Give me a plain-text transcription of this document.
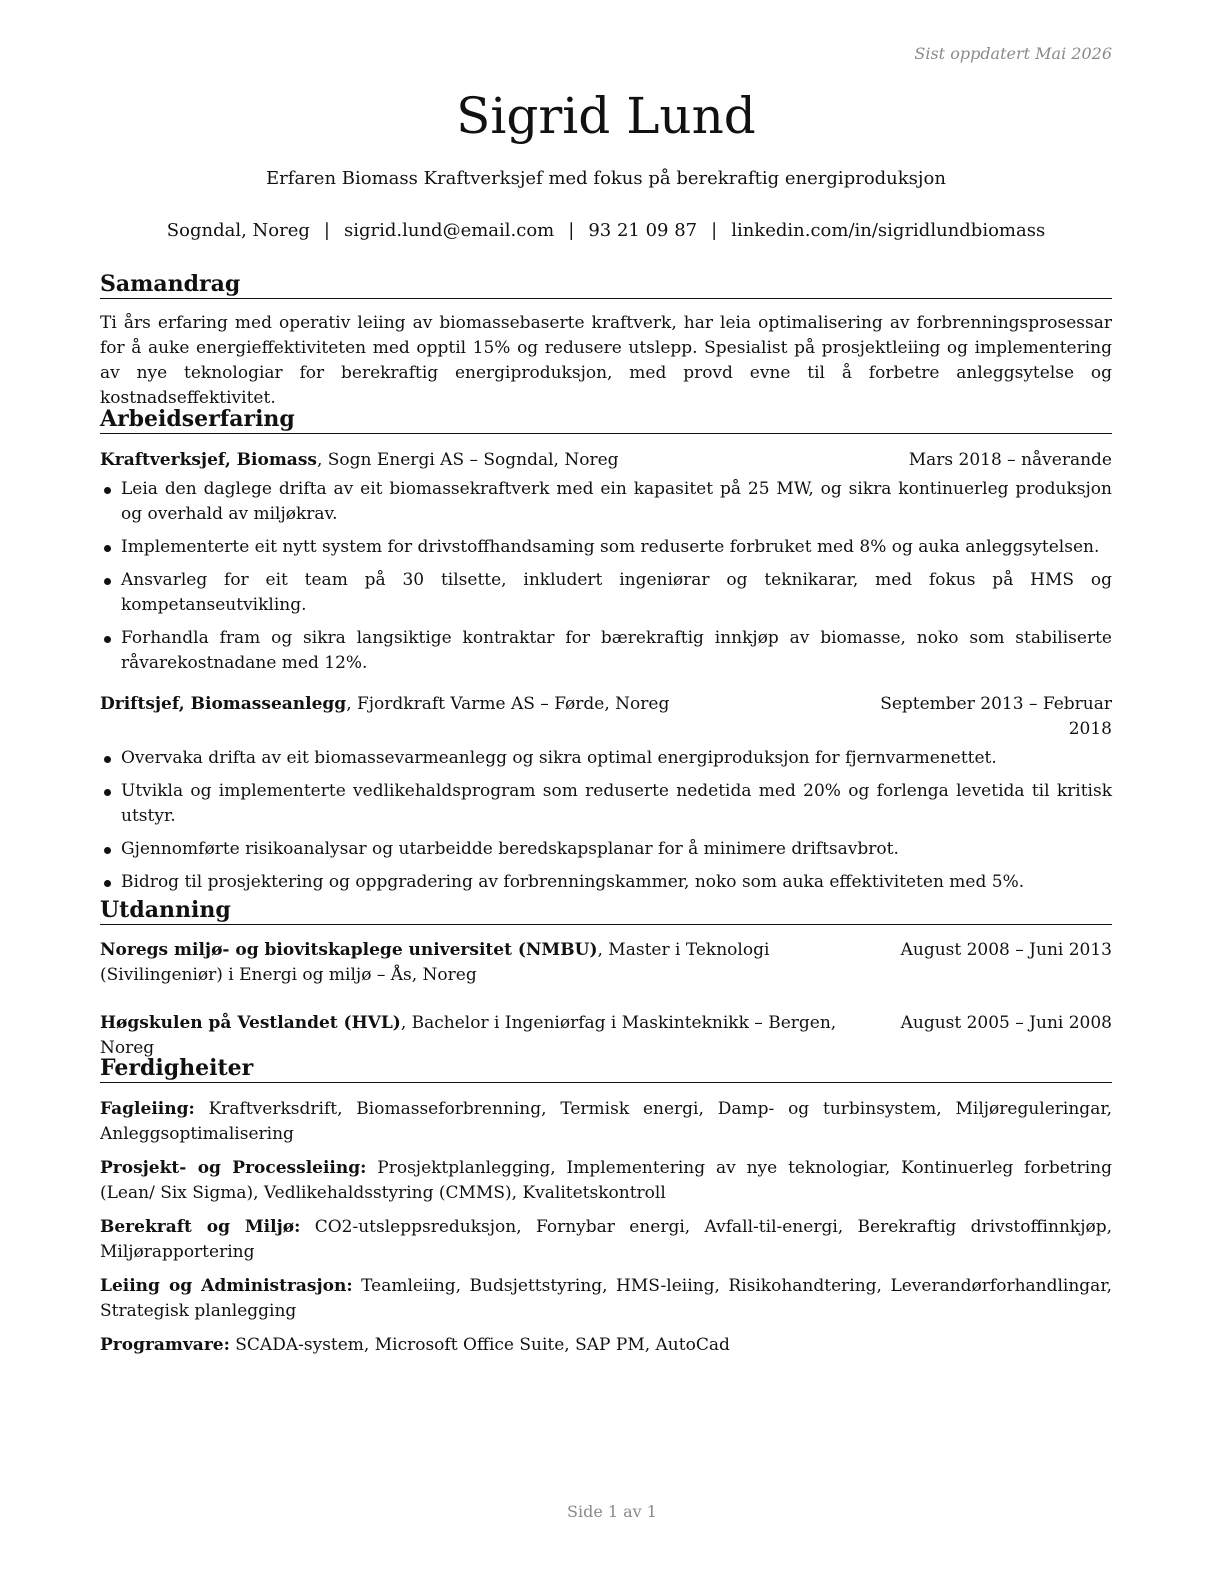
Sist oppdatert Mai 2026
Sigrid Lund
Erfaren Biomass Kraftverksjef med fokus på berekraftig energiproduksjon
Sogndal, Noreg | sigrid.lund@email.com | 93 21 09 87 | linkedin.com/in/sigridlundbiomass
Samandrag
Ti års erfaring med operativ leiing av biomassebaserte kraftverk, har leia optimalisering av forbrenningsprosessar for å auke energieffektiviteten med opptil 15% og redusere utslepp. Spesialist på prosjektleiing og implementering av nye teknologiar for berekraftig energiproduksjon, med provd evne til å forbetre anleggsytelse og kostnadseffektivitet.
Arbeidserfaring
Kraftverksjef, Biomass, Sogn Energi AS – Sogndal, Noreg	Mars 2018 – nåverande
Leia den daglege drifta av eit biomassekraftverk med ein kapasitet på 25 MW, og sikra kontinuerleg produksjon og overhald av miljøkrav.
Implementerte eit nytt system for drivstoffhandsaming som reduserte forbruket med 8% og auka anleggsytelsen.
Ansvarleg for eit team på 30 tilsette, inkludert ingeniørar og teknikarar, med fokus på HMS og kompetanseutvikling.
Forhandla fram og sikra langsiktige kontraktar for bærekraftig innkjøp av biomasse, noko som stabiliserte råvarekostnadane med 12%.
Driftsjef, Biomasseanlegg, Fjordkraft Varme AS – Førde, Noreg	September 2013 – Februar 2018
Overvaka drifta av eit biomassevarmeanlegg og sikra optimal energiproduksjon for fjernvarmenettet.
Utvikla og implementerte vedlikehaldsprogram som reduserte nedetida med 20% og forlenga levetida til kritisk utstyr.
Gjennomførte risikoanalysar og utarbeidde beredskapsplanar for å minimere driftsavbrot.
Bidrog til prosjektering og oppgradering av forbrenningskammer, noko som auka effektiviteten med 5%.
Utdanning
Noregs miljø- og biovitskaplege universitet (NMBU), Master i Teknologi (Sivilingeniør) i Energi og miljø – Ås, Noreg
August 2008 – Juni 2013
Høgskulen på Vestlandet (HVL), Bachelor i Ingeniørfag i Maskinteknikk – Bergen, Noreg
August 2005 – Juni 2008
Ferdigheiter
Fagleiing: Kraftverksdrift, Biomasseforbrenning, Termisk energi, Damp- og turbinsystem, Miljøreguleringar, Anleggsoptimalisering
Prosjekt- og Processleiing: Prosjektplanlegging, Implementering av nye teknologiar, Kontinuerleg forbetring (Lean/ Six Sigma), Vedlikehaldsstyring (CMMS), Kvalitetskontroll
Berekraft og Miljø: CO2-utsleppsreduksjon, Fornybar energi, Avfall-til-energi, Berekraftig drivstoffinnkjøp, Miljørapportering
Leiing og Administrasjon: Teamleiing, Budsjettstyring, HMS-leiing, Risikohandtering, Leverandørforhandlingar, Strategisk planlegging
Programvare: SCADA-system, Microsoft Office Suite, SAP PM, AutoCad
Side 1 av 1
